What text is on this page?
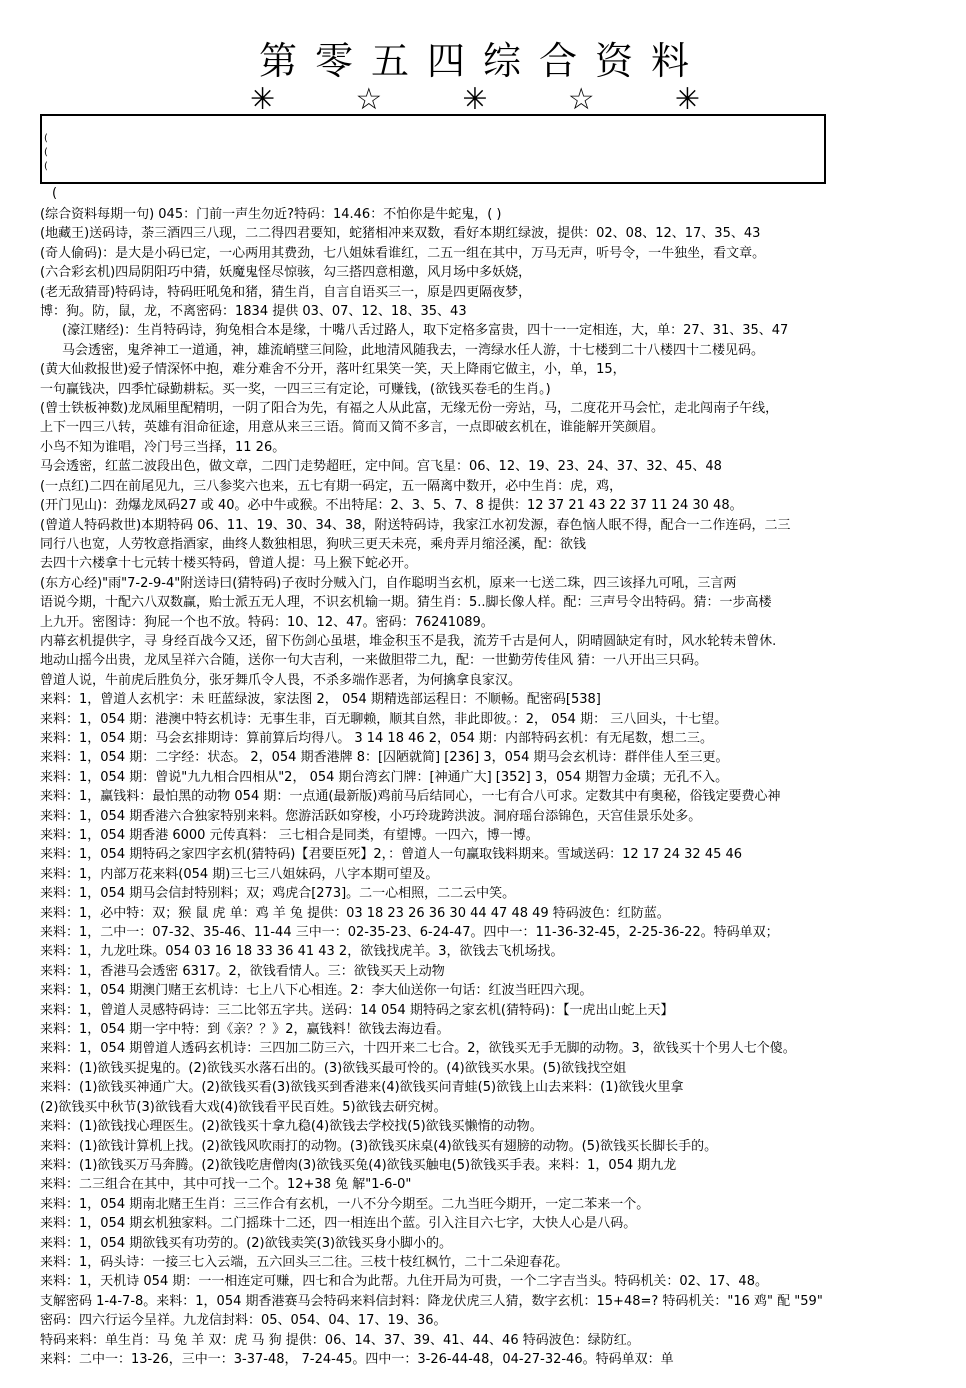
第零五四综合资料
✳	☆	✳	☆	✳
(
(
(
(
(综合资料每期一句) 045：门前一声生勿近?特码：14.46：不怕你是牛蛇鬼，( )
(地藏王)送码诗，荼三酒四三八现，二二得四君要知，蛇猪相冲来双数，看好本期红绿波，提供：02、08、12、17、35、43
(奇人偷码)：是大是小码已定，一心两用其费劲，七八姐妹看谁红，二五一组在其中，万马无声，听号令，一牛独坐，看文章。
(六合彩玄机)四局阴阳巧中猜，妖魔鬼怪尽惊骇，勾三搭四意相邀，风月场中多妖娆，
(老无敌猜哥)特码诗，特码旺吼兔和猪，猜生肖，自言自语买三一，原是四更隔夜梦，
博：狗。防，鼠，龙，不离密码：1834 提供 03、07、12、18、35、43
(濠江赌经)：生肖特码诗，狗兔相合本是缘，十嘴八舌过路人，取下定格多富贵，四十一一定相连，大，单：27、31、35、47
马会透密，鬼斧神工一道通，神，雄流峭壁三间险，此地清风随我去，一湾绿水任人游，十七楼到二十八楼四十二楼见码。
(黄大仙救报世)爱子情深怀中抱，难分难舍不分开，落叶红果笑一笑，天上降雨它做主，小，单，15，
一句赢钱决，四季忙碌勤耕耘。买一奖，一四三三有定论，可赚钱，(欲钱买卷毛的生肖。)
(曾士铁板神数)龙凤厢里配精明，一阴了阳合为先，有福之人从此富，无缘无份一旁站，马，二度花开马会忙，走北闯南子午线，
上下一四三八转，英雄有泪命征途，用意从来三三语。简而又简不多言，一点即破玄机在，谁能解开笑颜眉。
小鸟不知为谁唱，冷门号三当择，11 26。
马会透密，红蓝二波段出色，做文章，二四门走势超旺，定中间。宫飞星：06、12、19、23、24、37、32、45、48
(一点红)二四在前尾见九，三八参奖六也来，五七有期一码定，五一隔离中数开，必中生肖：虎，鸡，
(开门见山)：劲爆龙凤码27 或 40。必中牛或猴。不出特尾：2、3、5、7、8 提供：12 37 21 43 22 37 11 24 30 48。
(曾道人特码救世)本期特码 06、11、19、30、34、38，附送特码诗，我家江水初发源，春色恼人眠不得，配合一二作连码，二三
同行八也宽，人劳牧意指酒家，曲终人数独相思，狗吠三更天未亮，乘舟弄月缩泾溪，配：欲钱
去四十六楼拿十七元转十楼买特码，曾道人提：马上猴下蛇必开。
(东方心经)"雨"7-2-9-4"附送诗曰(猜特码)子夜时分贼入门，自作聪明当玄机，原来一七送二珠，四三该择九可吼，三言两
语说今期，十配六八双数赢，贻士派五无人理，不识玄机输一期。猜生肖：5..脚长像人样。配：三声号令出特码。猜：一步高楼
上九开。密图诗：狗屁一个也不放。特码：10、12、47。密码：76241089。
内幕玄机提供字，寻 身经百战今又还，留下伤剑心虽堪，堆金积玉不是我，流芳千古是何人，阴晴圆缺定有时，风水轮转未曾休.
地动山摇今出贵，龙凤呈祥六合随，送你一句大吉利，一来做胆带二九，配：一世勤劳传佳风 猜：一八开出三只码。
曾道人说，牛前虎后胜负分，张牙舞爪令人畏，不杀多端作恶者，为何擒拿良家汉。
来料：1，曾道人玄机字：未 旺蓝绿波，家法图 2， 054 期精选部运程日：不顺畅。配密码[538]
来料：1，054 期：港澳中特玄机诗：无事生非，百无聊赖，顺其自然，非此即彼。：2， 054 期： 三八回头，十七望。
来料：1，054 期：马会玄排期诗：算前算后均得八。 3 14 18 46 2，054 期：内部特码玄机：有无尾数，想二三。
来料：1，054 期：二字经：状态。 2，054 期香港牌 8：[囚陋就简] [236] 3，054 期马会玄机诗：群伴佳人至三更。
来料：1，054 期：曾说"九九相合四相从"2， 054 期台湾玄门牌：[神通广大] [352] 3，054 期智力金璜；无孔不入。
来料：1，赢钱料：最怕黑的动物 054 期：一点通(最新版)鸡前马后结同心，一七有合八可求。定数其中有奥秘，俗钱定要费心神
来料：1，054 期香港六合独家特别来料。您游活跃如穿梭，小巧玲珑跨洪波。洞府瑶台添锦色，天宫佳景乐处多。
来料：1，054 期香港 6000 元传真料： 三七相合是同类，有望博。一四六，博一博。
来料：1，054 期特码之家四字玄机(猜特码)【君要臣死】2，：曾道人一句赢取钱料期来。雪域送码：12 17 24 32 45 46
来料：1，内部万花来料(054 期)三七三八姐妹码，八字本期可望及。
来料：1，054 期马会信封特别料；双；鸡虎合[273]。二一心相照，二二云中笑。
来料：1，必中特：双；猴 鼠 虎 单：鸡 羊 兔 提供：03 18 23 26 36 30 44 47 48 49 特码波色：红防蓝。
来料：1，二中一：07-32、35-46、11-44 三中一：02-35-23、6-24-47。四中一：11-36-32-45，2-25-36-22。特码单双；
来料：1，九龙吐珠。054 03 16 18 33 36 41 43 2，欲钱找虎羊。3，欲钱去飞机场找。
来料：1，香港马会透密 6317。2，欲钱看情人。三：欲钱买天上动物
来料：1，054 期澳门赌王玄机诗：七上八下心相连。2：李大仙送你一句话：红波当旺四六现。
来料：1，曾道人灵感特码诗：三二比邻五字共。送码：14 054 期特码之家玄机(猜特码)：【一虎出山蛇上天】
来料：1，054 期一字中特：到《亲？？》2，赢钱料！欲钱去海边看。
来料：1，054 期曾道人透码玄机诗：三四加二防三六，十四开来二七合。2，欲钱买无手无脚的动物。3，欲钱买十个男人七个傻。
来料：(1)欲钱买捉鬼的。(2)欲钱买水落石出的。(3)欲钱买最可怜的。(4)欲钱买水果。(5)欲钱找空姐
来料：(1)欲钱买神通广大。(2)欲钱买看(3)欲钱买到香港来(4)欲钱买问青蛙(5)欲钱上山去来料：(1)欲钱火里拿
(2)欲钱买中秋节(3)欲钱看大戏(4)欲钱看平民百姓。5)欲钱去研究树。
来料：(1)欲钱找心理医生。(2)欲钱买十拿九稳(4)欲钱去学校找(5)欲钱买懒惰的动物。
来料：(1)欲钱计算机上找。(2)欲钱风吹雨打的动物。(3)欲钱买床桌(4)欲钱买有翅膀的动物。(5)欲钱买长脚长手的。
来料：(1)欲钱买万马奔腾。(2)欲钱吃唐僧肉(3)欲钱买兔(4)欲钱买触电(5)欲钱买手表。来料：1，054 期九龙
来料：二三组合在其中，其中可找一二个。12+38 兔 解"1-6-0"
来料：1，054 期南北赌王生肖：三三作合有玄机，一八不分今期至。二九当旺今期开，一定二苯来一个。
来料：1，054 期玄机独家料。二门摇珠十二还，四一相连出个蓝。引入注目六七字，大快人心是八码。
来料：1，054 期欲钱买有功劳的。(2)欲钱卖笑(3)欲钱买身小脚小的。
来料：1，码头诗：一接三七入云端，五六回头三二往。三枝十枝红枫竹，二十二朵迎春花。
来料：1，天机诗 054 期：一一相连定可赚，四七和合为此帮。九住开局为可贵，一个二字吉当头。特码机关：02、17、48。
支解密码 1-4-7-8。来料：1，054 期香港赛马会特码来料信封料：降龙伏虎三人猜，数字玄机：15+48=? 特码机关："16 鸡" 配 "59"
密码：四六行运今呈祥。九龙信封料：05、054、04、17、19、36。
特码来料：单生肖：马 兔 羊 双：虎 马 狗 提供：06、14、37、39、41、44、46 特码波色：绿防红。
来料：二中一：13-26，三中一：3-37-48， 7-24-45。四中一：3-26-44-48，04-27-32-46。特码单双：单
